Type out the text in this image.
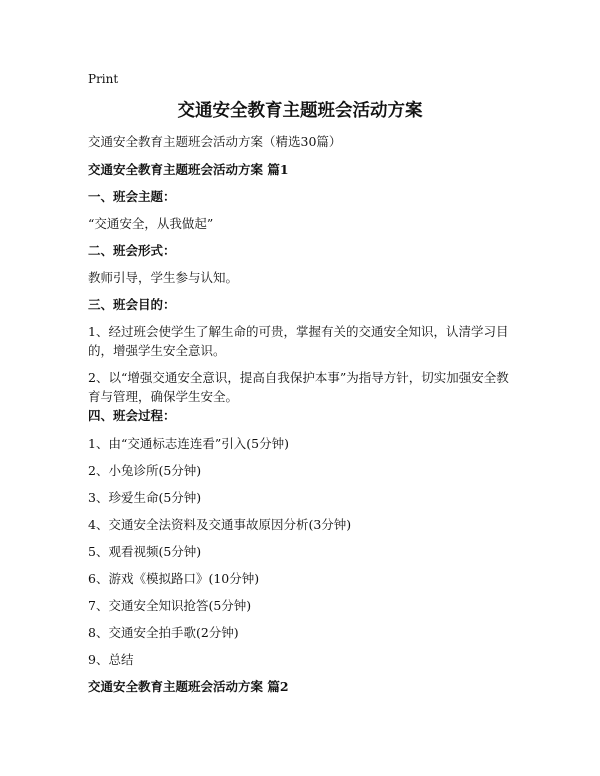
Print
交通安全教育主题班会活动方案
交通安全教育主题班会活动方案（精选30篇）
交通安全教育主题班会活动方案 篇1
一、班会主题：
“交通安全，从我做起”
二、班会形式：
教师引导，学生参与认知。
三、班会目的：
1、经过班会使学生了解生命的可贵，掌握有关的交通安全知识，认清学习目的，增强学生安全意识。
2、以“增强交通安全意识，提高自我保护本事”为指导方针，切实加强安全教育与管理，确保学生安全。
四、班会过程：
1、由“交通标志连连看”引入(5分钟)
2、小兔诊所(5分钟)
3、珍爱生命(5分钟)
4、交通安全法资料及交通事故原因分析(3分钟)
5、观看视频(5分钟)
6、游戏《模拟路口》(10分钟)
7、交通安全知识抢答(5分钟)
8、交通安全拍手歌(2分钟)
9、总结
交通安全教育主题班会活动方案 篇2
